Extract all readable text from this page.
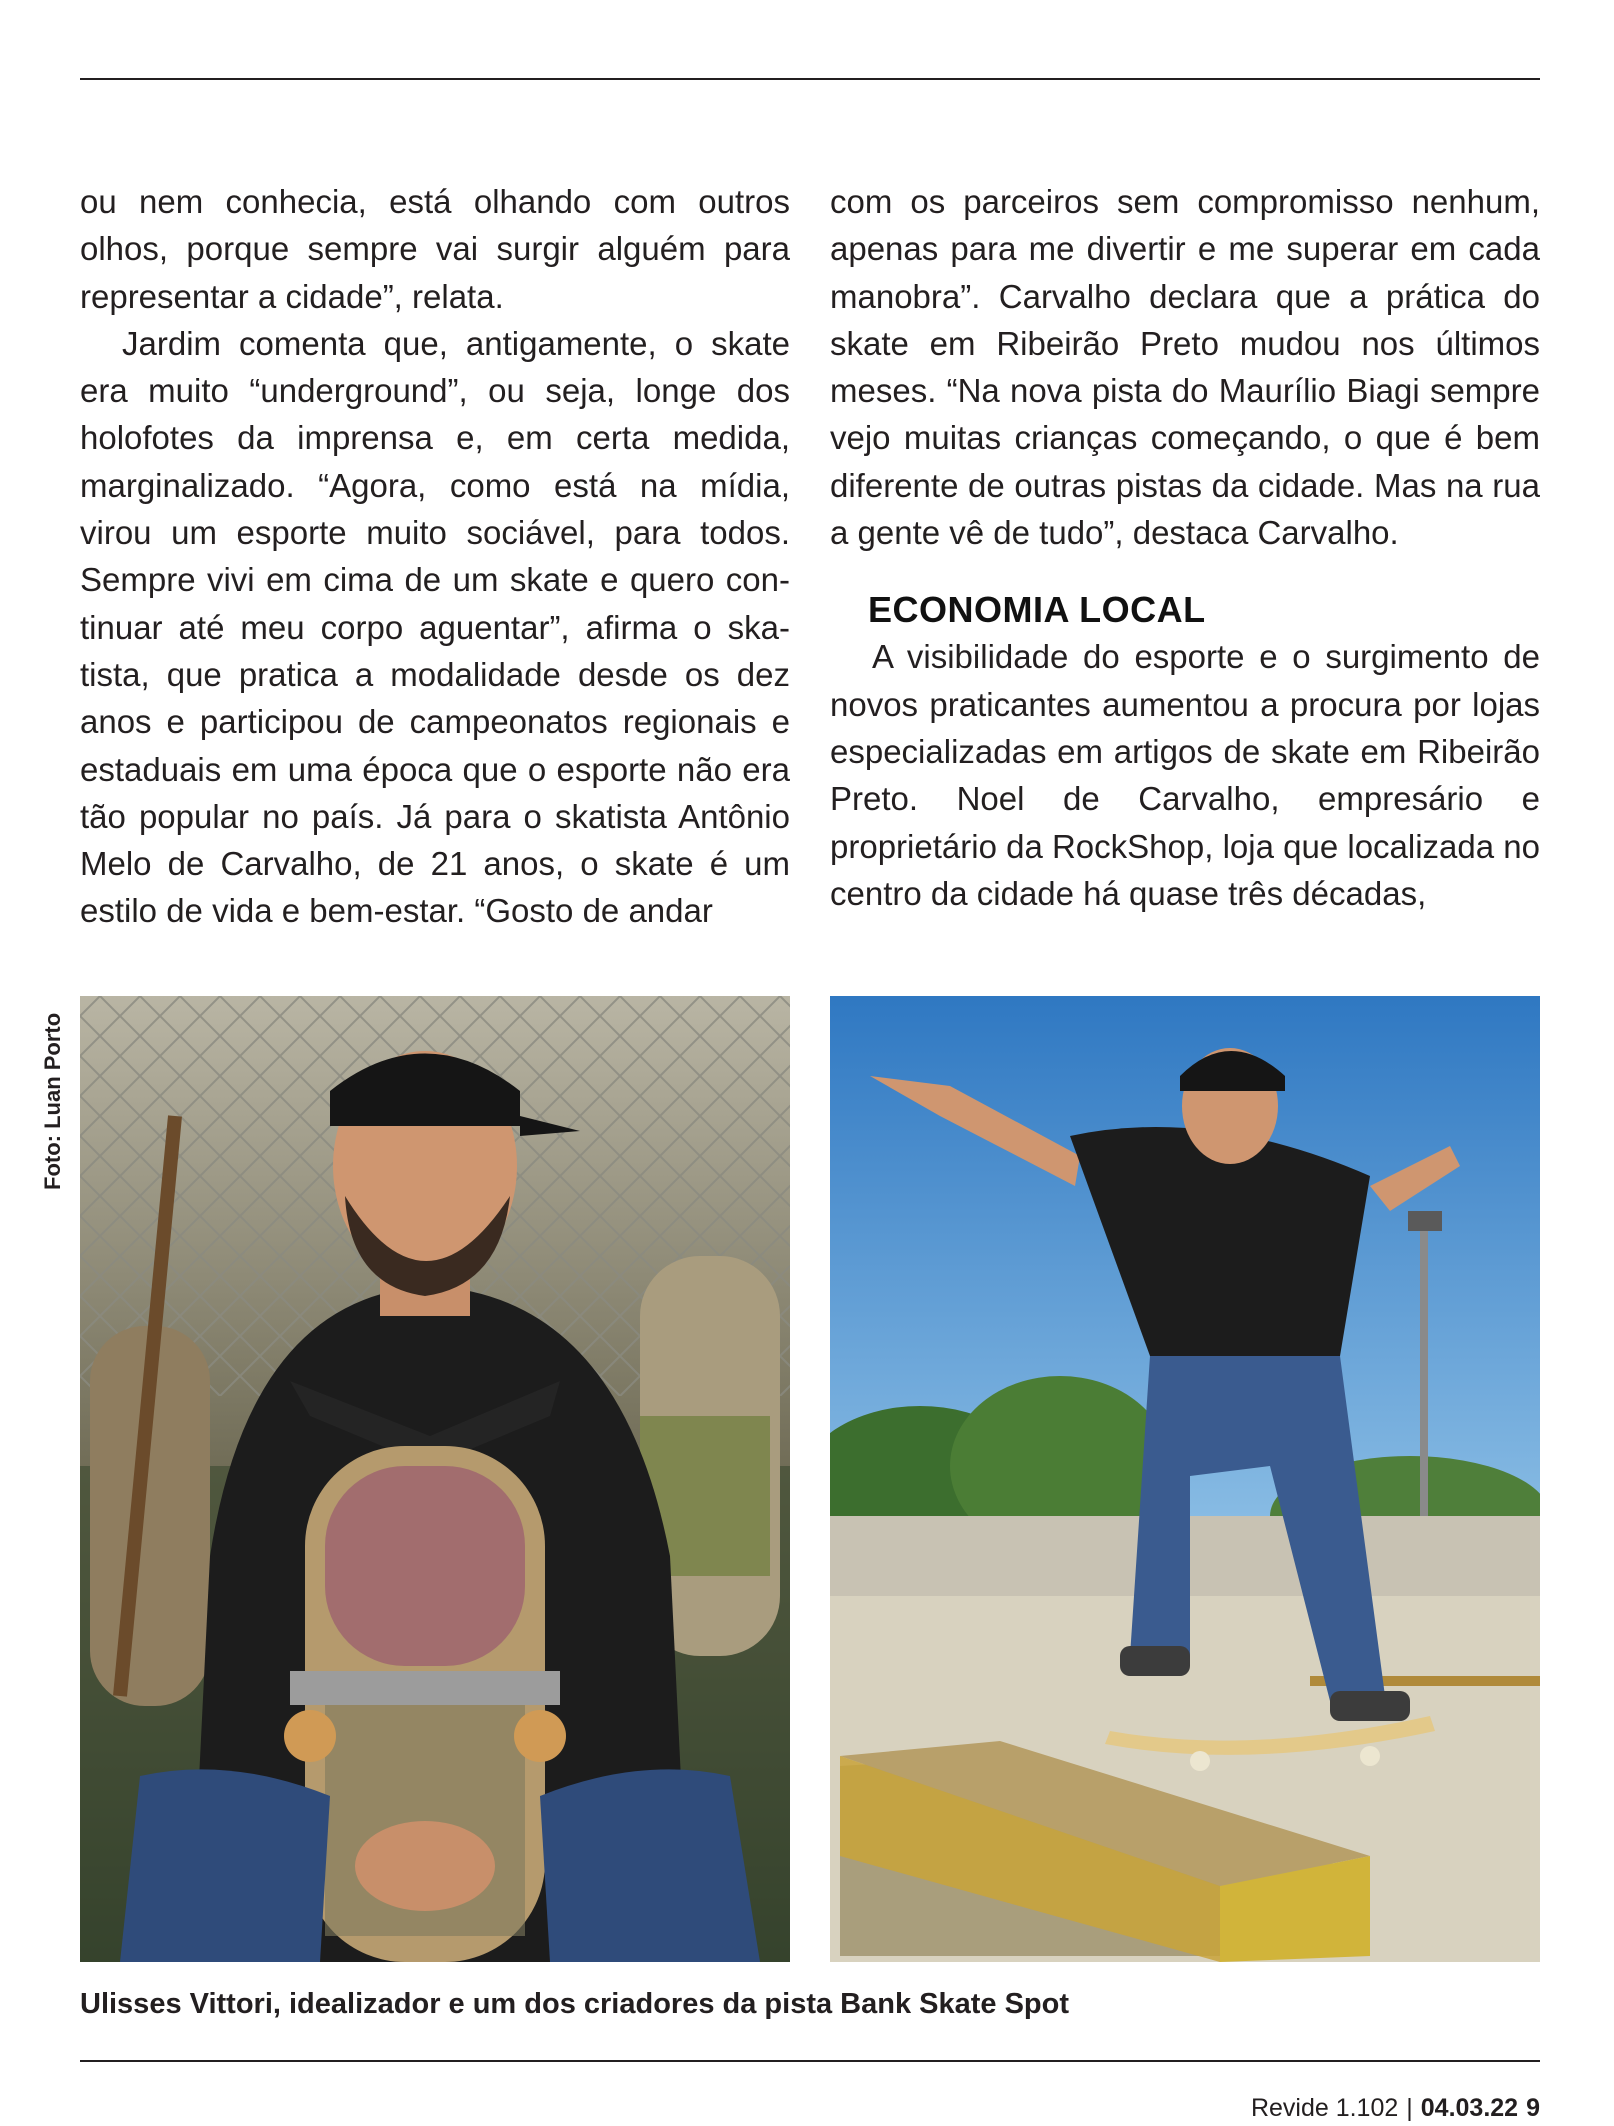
ou nem conhecia, está olhando com outros olhos, porque sempre vai surgir alguém para representar a cidade”, relata.

Jardim comenta que, antigamente, o skate era muito “underground”, ou seja, longe dos holofotes da imprensa e, em certa medida, marginalizado. “Agora, como está na mídia, virou um esporte muito sociável, para todos. Sempre vivi em cima de um skate e quero continuar até meu corpo aguentar”, afirma o skatista, que pratica a modalidade desde os dez anos e participou de campeonatos regionais e estaduais em uma época que o esporte não era tão popular no país. Já para o skatista Antônio Melo de Carvalho, de 21 anos, o skate é um estilo de vida e bem-estar. “Gosto de andar

com os parceiros sem compromisso nenhum, apenas para me divertir e me superar em cada manobra”. Carvalho declara que a prática do skate em Ribeirão Preto mudou nos últimos meses. “Na nova pista do Maurílio Biagi sempre vejo muitas crianças começando, o que é bem diferente de outras pistas da cidade. Mas na rua a gente vê de tudo”, destaca Carvalho.

ECONOMIA LOCAL

A visibilidade do esporte e o surgimento de novos praticantes aumentou a procura por lojas especializadas em artigos de skate em Ribeirão Preto. Noel de Carvalho, empresário e proprietário da RockShop, loja que localizada no centro da cidade há quase três décadas,

Foto: Luan Porto
Ulisses Vittori, idealizador e um dos criadores da pista Bank Skate Spot
Revide 1.102 | 04.03.22 9
